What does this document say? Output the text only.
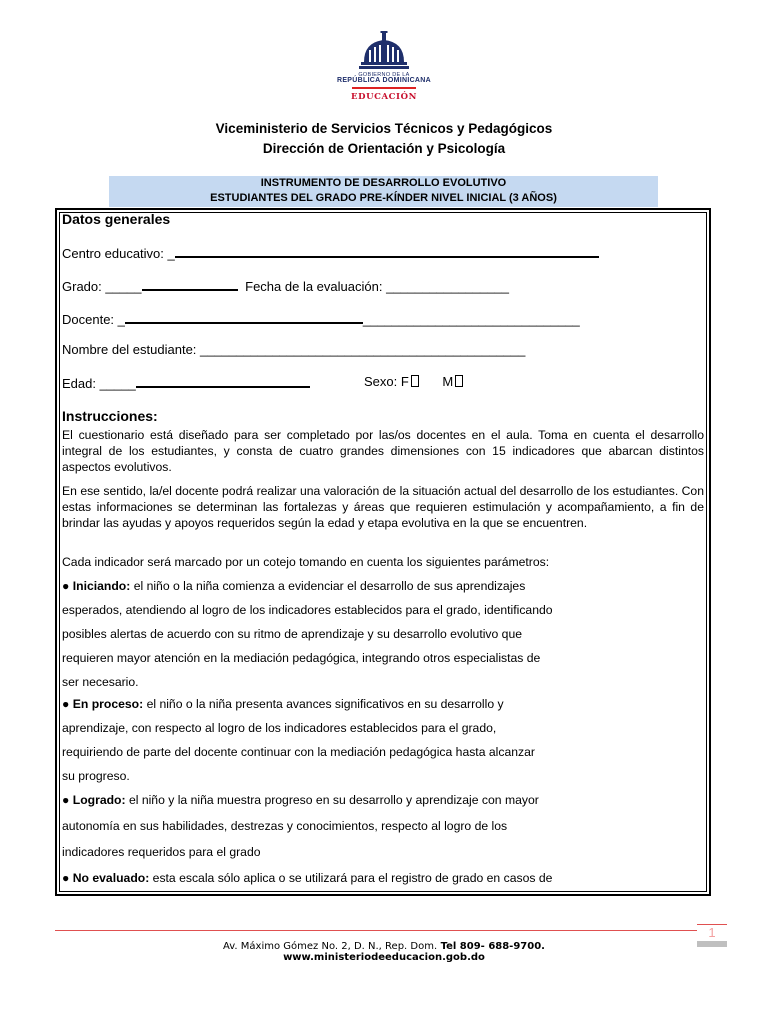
GOBIERNO DE LA
REPÚBLICA DOMINICANA
EDUCACIÓN
Viceministerio de Servicios Técnicos y Pedagógicos
Dirección de Orientación y Psicología
INSTRUMENTO DE DESARROLLO EVOLUTIVO
ESTUDIANTES DEL GRADO PRE-KÍNDER NIVEL INICIAL (3 AÑOS)
Datos generales
Centro educativo: _
Grado: _____	Fecha de la evaluación: _________________
Docente: _	______________________________
Nombre del estudiante: _____________________________________________
Edad: _____	Sexo: F	M
Instrucciones:
El cuestionario está diseñado para ser completado por las/os docentes en el aula. Toma en cuenta el desarrollo integral de los estudiantes, y consta de cuatro grandes dimensiones con 15 indicadores que abarcan distintos aspectos evolutivos.
En ese sentido, la/el docente podrá realizar una valoración de la situación actual del desarrollo de los estudiantes. Con estas informaciones se determinan las fortalezas y áreas que requieren estimulación y acompañamiento, a fin de brindar las ayudas y apoyos requeridos según la edad y etapa evolutiva en la que se encuentren.
Cada indicador será marcado por un cotejo tomando en cuenta los siguientes parámetros:
● Iniciando: el niño o la niña comienza a evidenciar el desarrollo de sus aprendizajes
esperados, atendiendo al logro de los indicadores establecidos para el grado, identificando
posibles alertas de acuerdo con su ritmo de aprendizaje y su desarrollo evolutivo que
requieren mayor atención en la mediación pedagógica, integrando otros especialistas de
ser necesario.
● En proceso: el niño o la niña presenta avances significativos en su desarrollo y
aprendizaje, con respecto al logro de los indicadores establecidos para el grado,
requiriendo de parte del docente continuar con la mediación pedagógica hasta alcanzar
su progreso.
● Logrado: el niño y la niña muestra progreso en su desarrollo y aprendizaje con mayor
autonomía en sus habilidades, destrezas y conocimientos, respecto al logro de los
indicadores requeridos para el grado
● No evaluado: esta escala sólo aplica o se utilizará para el registro de grado en casos de
1
Av. Máximo Gómez No. 2, D. N., Rep. Dom. Tel 809- 688-9700.
www.ministeriodeeducacion.gob.do
